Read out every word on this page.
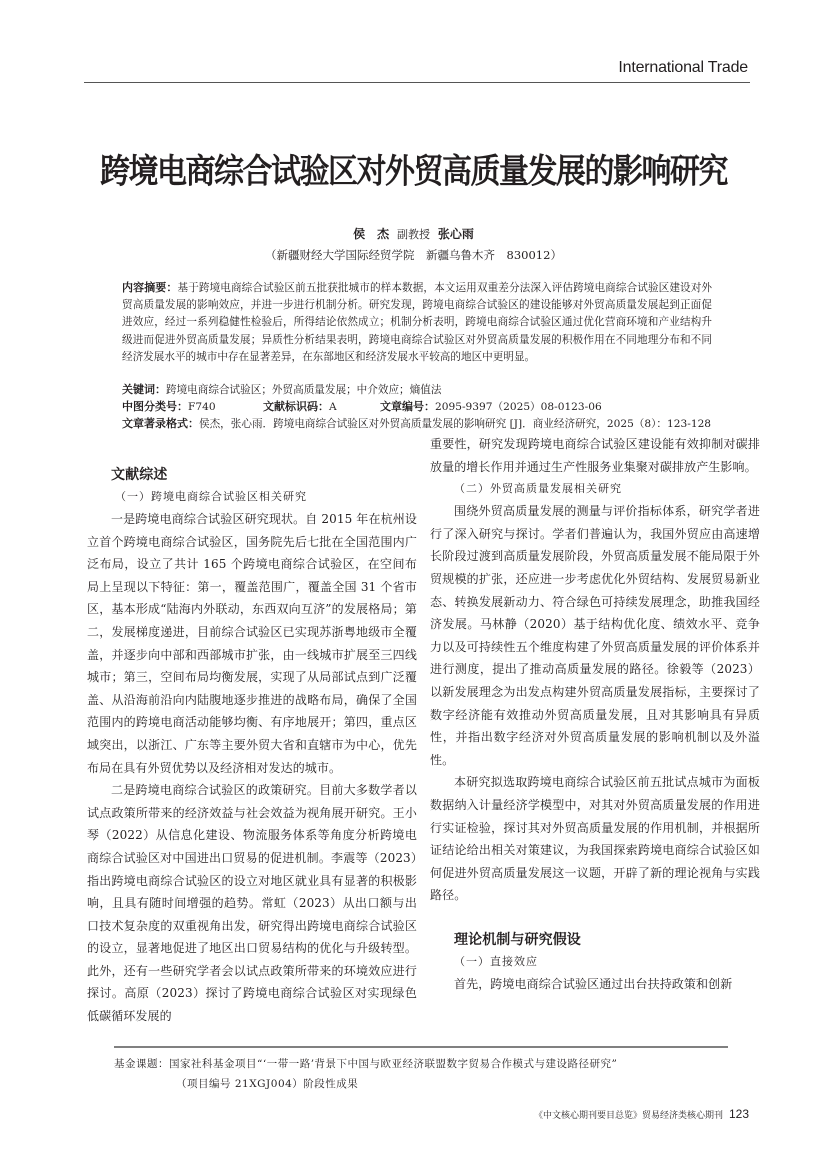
International Trade
跨境电商综合试验区对外贸高质量发展的影响研究
侯　杰 副教授 张心雨
（新疆财经大学国际经贸学院　新疆乌鲁木齐　830012）
内容摘要：基于跨境电商综合试验区前五批获批城市的样本数据，本文运用双重差分法深入评估跨境电商综合试验区建设对外贸高质量发展的影响效应，并进一步进行机制分析。研究发现，跨境电商综合试验区的建设能够对外贸高质量发展起到正面促进效应，经过一系列稳健性检验后，所得结论依然成立；机制分析表明，跨境电商综合试验区通过优化营商环境和产业结构升级进而促进外贸高质量发展；异质性分析结果表明，跨境电商综合试验区对外贸高质量发展的积极作用在不同地理分布和不同经济发展水平的城市中存在显著差异，在东部地区和经济发展水平较高的地区中更明显。
关键词：跨境电商综合试验区；外贸高质量发展；中介效应；熵值法
中图分类号：F740	文献标识码：A	文章编号：2095-9397（2025）08-0123-06
文章著录格式：侯杰，张心雨．跨境电商综合试验区对外贸高质量发展的影响研究 [J]．商业经济研究，2025（8）：123-128
文献综述
（一）跨境电商综合试验区相关研究

一是跨境电商综合试验区研究现状。自 2015 年在杭州设立首个跨境电商综合试验区，国务院先后七批在全国范围内广泛布局，设立了共计 165 个跨境电商综合试验区，在空间布局上呈现以下特征：第一，覆盖范围广，覆盖全国 31 个省市区，基本形成“陆海内外联动，东西双向互济”的发展格局；第二，发展梯度递进，目前综合试验区已实现苏浙粤地级市全覆盖，并逐步向中部和西部城市扩张，由一线城市扩展至三四线城市；第三，空间布局均衡发展，实现了从局部试点到广泛覆盖、从沿海前沿向内陆腹地逐步推进的战略布局，确保了全国范围内的跨境电商活动能够均衡、有序地展开；第四，重点区域突出，以浙江、广东等主要外贸大省和直辖市为中心，优先布局在具有外贸优势以及经济相对发达的城市。

二是跨境电商综合试验区的政策研究。目前大多数学者以试点政策所带来的经济效益与社会效益为视角展开研究。王小琴（2022）从信息化建设、物流服务体系等角度分析跨境电商综合试验区对中国进出口贸易的促进机制。李震等（2023）指出跨境电商综合试验区的设立对地区就业具有显著的积极影响，且具有随时间增强的趋势。常虹（2023）从出口额与出口技术复杂度的双重视角出发，研究得出跨境电商综合试验区的设立，显著地促进了地区出口贸易结构的优化与升级转型。此外，还有一些研究学者会以试点政策所带来的环境效应进行探讨。高原（2023）探讨了跨境电商综合试验区对实现绿色低碳循环发展的

重要性，研究发现跨境电商综合试验区建设能有效抑制对碳排放量的增长作用并通过生产性服务业集聚对碳排放产生影响。

（二）外贸高质量发展相关研究

围绕外贸高质量发展的测量与评价指标体系，研究学者进行了深入研究与探讨。学者们普遍认为，我国外贸应由高速增长阶段过渡到高质量发展阶段，外贸高质量发展不能局限于外贸规模的扩张，还应进一步考虑优化外贸结构、发展贸易新业态、转换发展新动力、符合绿色可持续发展理念，助推我国经济发展。马林静（2020）基于结构优化度、绩效水平、竞争力以及可持续性五个维度构建了外贸高质量发展的评价体系并进行测度，提出了推动高质量发展的路径。徐毅等（2023）以新发展理念为出发点构建外贸高质量发展指标，主要探讨了数字经济能有效推动外贸高质量发展，且对其影响具有异质性，并指出数字经济对外贸高质量发展的影响机制以及外溢性。

本研究拟选取跨境电商综合试验区前五批试点城市为面板数据纳入计量经济学模型中，对其对外贸高质量发展的作用进行实证检验，探讨其对外贸高质量发展的作用机制，并根据所证结论给出相关对策建议，为我国探索跨境电商综合试验区如何促进外贸高质量发展这一议题，开辟了新的理论视角与实践路径。

理论机制与研究假设
（一）直接效应

首先，跨境电商综合试验区通过出台扶持政策和创新

基金课题：国家社科基金项目“‘一带一路’背景下中国与欧亚经济联盟数字贸易合作模式与建设路径研究”
（项目编号 21XGJ004）阶段性成果
《中文核心期刊要目总览》贸易经济类核心期刊 123
